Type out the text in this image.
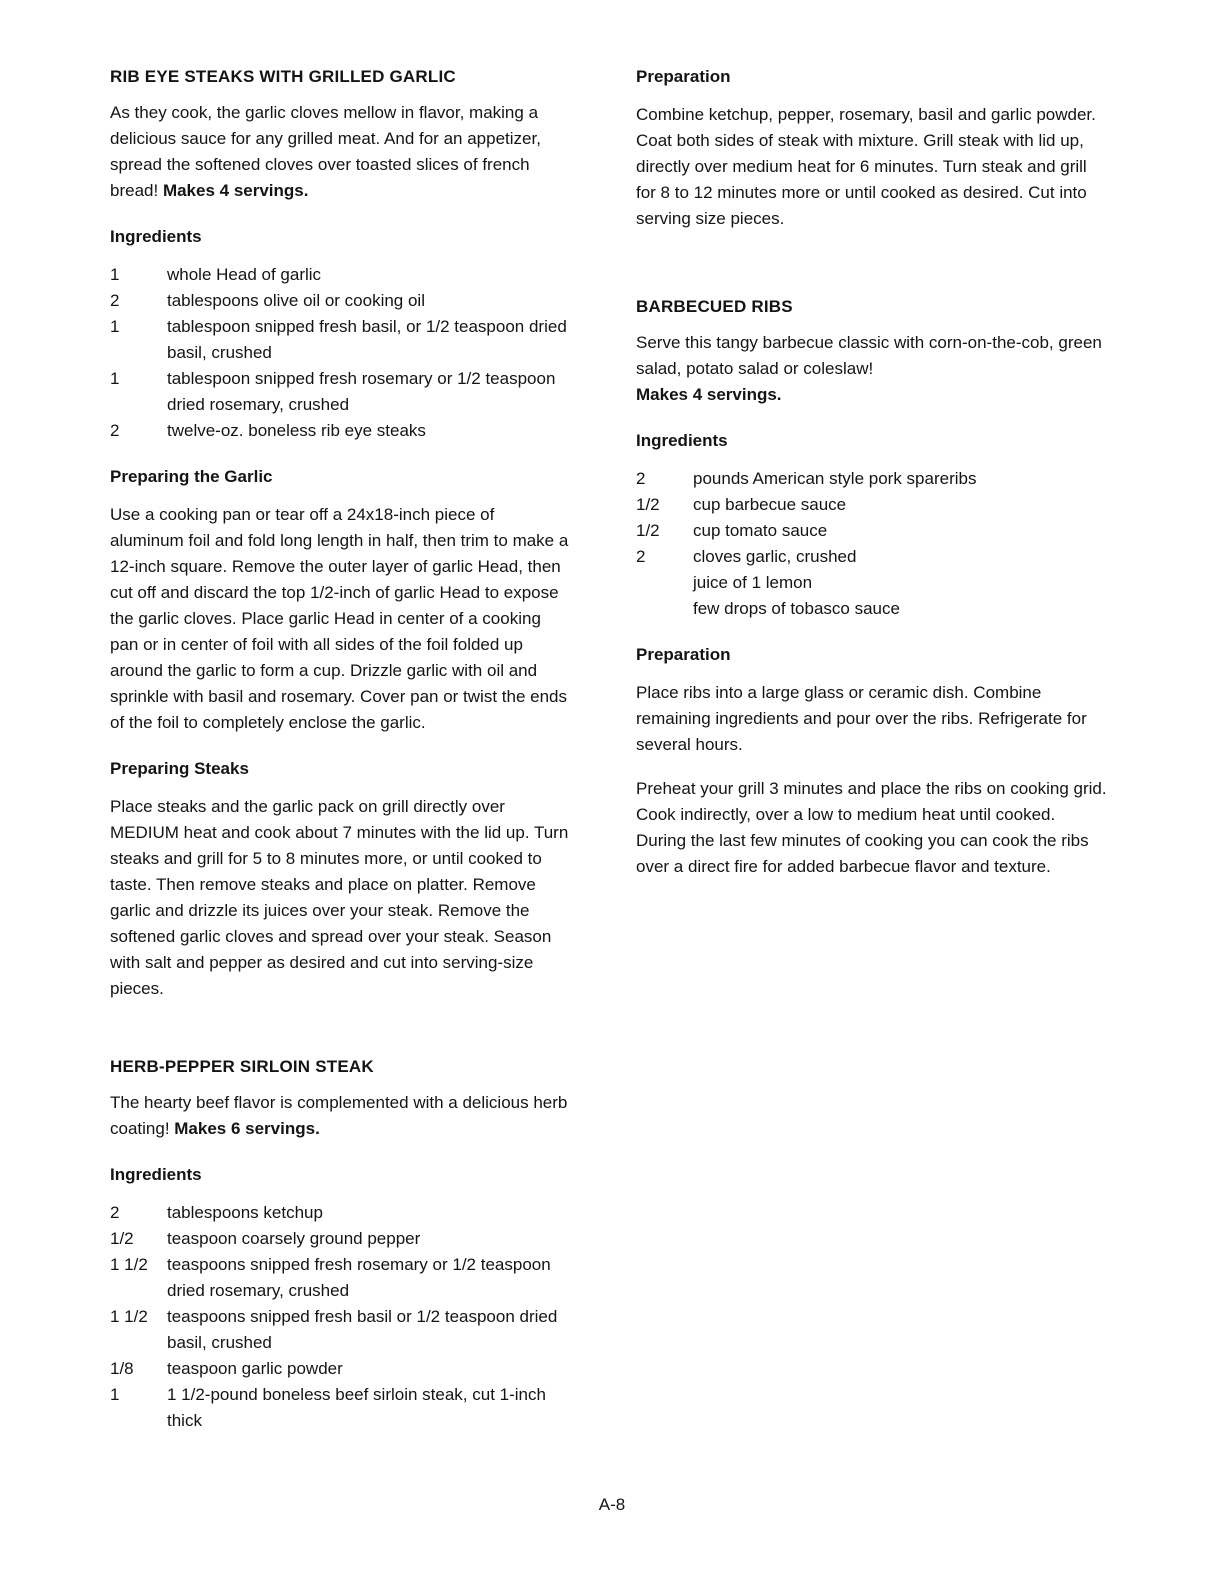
RIB EYE STEAKS WITH GRILLED GARLIC

As they cook, the garlic cloves mellow in flavor, making a delicious sauce for any grilled meat. And for an appetizer, spread the softened cloves over toasted slices of french bread! Makes 4 servings.

Ingredients
1	whole Head of garlic
2	tablespoons olive oil or cooking oil
1	tablespoon snipped fresh basil, or 1/2 teaspoon dried basil, crushed
1	tablespoon snipped fresh rosemary or 1/2 teaspoon dried rosemary, crushed
2	twelve-oz. boneless rib eye steaks
Preparing the Garlic

Use a cooking pan or tear off a 24x18-inch piece of aluminum foil and fold long length in half, then trim to make a 12-inch square. Remove the outer layer of garlic Head, then cut off and discard the top 1/2-inch of garlic Head to expose the garlic cloves. Place garlic Head in center of a cooking pan or in center of foil with all sides of the foil folded up around the garlic to form a cup. Drizzle garlic with oil and sprinkle with basil and rosemary. Cover pan or twist the ends of the foil to completely enclose the garlic.

Preparing Steaks

Place steaks and the garlic pack on grill directly over MEDIUM heat and cook about 7 minutes with the lid up. Turn steaks and grill for 5 to 8 minutes more, or until cooked to taste. Then remove steaks and place on platter. Remove garlic and drizzle its juices over your steak. Remove the softened garlic cloves and spread over your steak. Season with salt and pepper as desired and cut into serving-size pieces.

HERB-PEPPER SIRLOIN STEAK

The hearty beef flavor is complemented with a delicious herb coating! Makes 6 servings.

Ingredients
2	tablespoons ketchup
1/2	teaspoon coarsely ground pepper
1 1/2	teaspoons snipped fresh rosemary or 1/2 teaspoon dried rosemary, crushed
1 1/2	teaspoons snipped fresh basil or 1/2 teaspoon dried basil, crushed
1/8	teaspoon garlic powder
1	1 1/2-pound boneless beef sirloin steak, cut 1-inch thick
Preparation

Combine ketchup, pepper, rosemary, basil and garlic powder. Coat both sides of steak with mixture. Grill steak with lid up, directly over medium heat for 6 minutes. Turn steak and grill for 8 to 12 minutes more or until cooked as desired. Cut into serving size pieces.

BARBECUED RIBS

Serve this tangy barbecue classic with corn-on-the-cob, green salad, potato salad or coleslaw!
Makes 4 servings.

Ingredients
2	pounds American style pork spareribs
1/2	cup barbecue sauce
1/2	cup tomato sauce
2	cloves garlic, crushed
juice of 1 lemon
few drops of tobasco sauce
Preparation

Place ribs into a large glass or ceramic dish. Combine remaining ingredients and pour over the ribs. Refrigerate for several hours.

Preheat your grill 3 minutes and place the ribs on cooking grid. Cook indirectly, over a low to medium heat until cooked. During the last few minutes of cooking you can cook the ribs over a direct fire for added barbecue flavor and texture.

A-8
